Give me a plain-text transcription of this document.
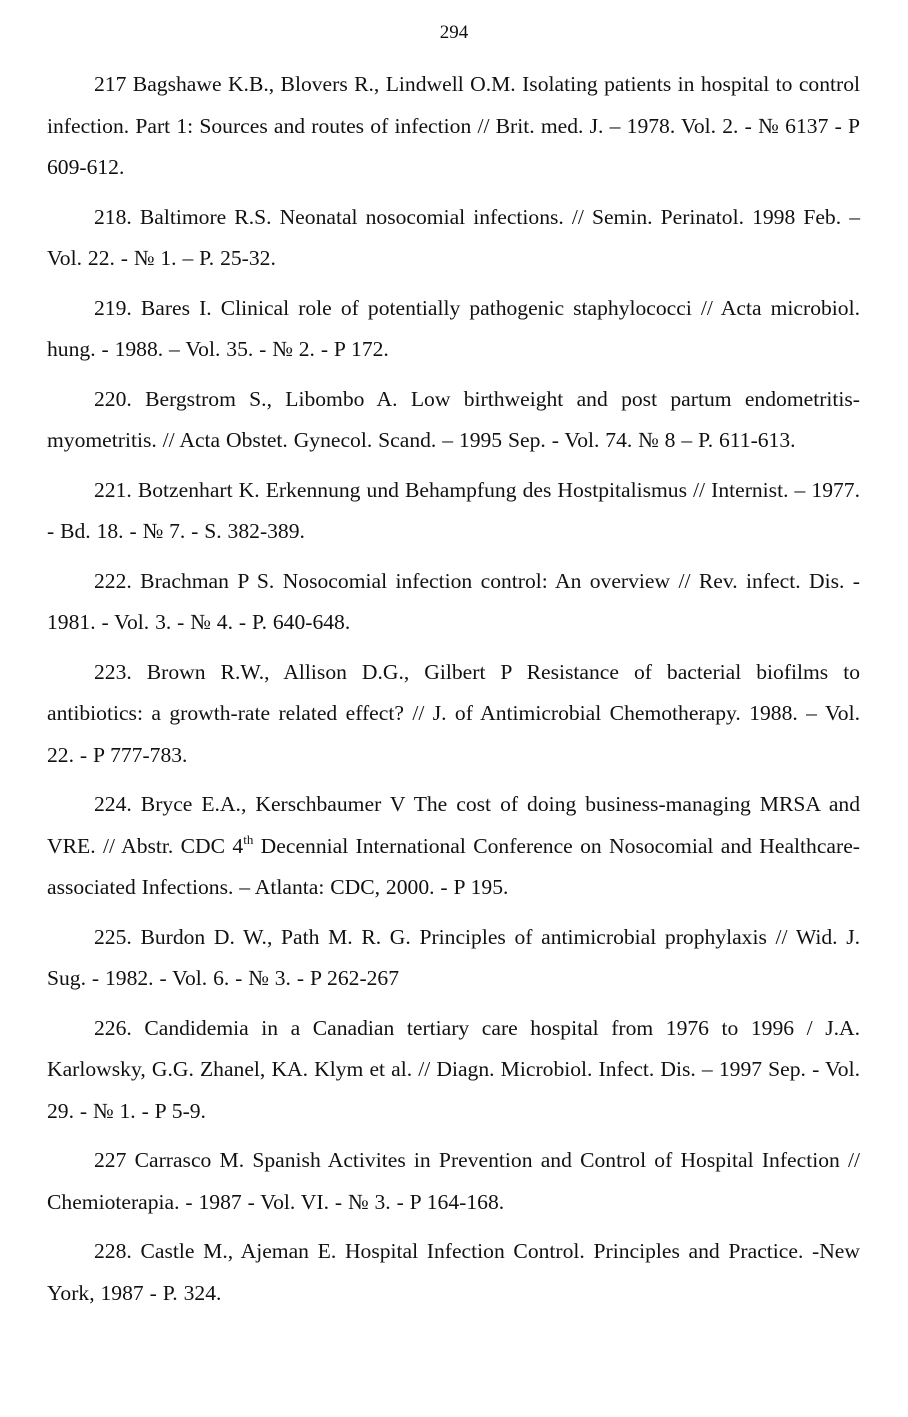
294

217 Bagshawe K.B., Blovers R., Lindwell O.M. Isolating patients in hospital to control infection. Part 1: Sources and routes of infection // Brit. med. J. – 1978. Vol. 2. - № 6137 - P 609-612.

218. Baltimore R.S. Neonatal nosocomial infections. // Semin. Perinatol. 1998 Feb. – Vol. 22. - № 1. – P. 25-32.

219. Bares I. Clinical role of potentially pathogenic staphylococci // Acta microbiol. hung. - 1988. – Vol. 35. - № 2. - P 172.

220. Bergstrom S., Libombo A. Low birthweight and post partum endometritis-myometritis. // Acta Obstet. Gynecol. Scand. – 1995 Sep. - Vol. 74. № 8 – P. 611-613.

221. Botzenhart K. Erkennung und Behampfung des Hostpitalismus // Internist. – 1977. - Bd. 18. - № 7. - S. 382-389.

222. Brachman P S. Nosocomial infection control: An overview // Rev. infect. Dis. - 1981. - Vol. 3. - № 4. - P. 640-648.

223. Brown R.W., Allison D.G., Gilbert P Resistance of bacterial biofilms to antibiotics: a growth-rate related effect? // J. of Antimicrobial Chemotherapy. 1988. – Vol. 22. - P 777-783.

224. Bryce E.A., Kerschbaumer V The cost of doing business-managing MRSA and VRE. // Abstr. CDC 4th Decennial International Conference on Nosocomial and Healthcare-associated Infections. – Atlanta: CDC, 2000. - P 195.

225. Burdon D. W., Path M. R. G. Principles of antimicrobial prophylaxis // Wid. J. Sug. - 1982. - Vol. 6. - № 3. - P 262-267

226. Candidemia in a Canadian tertiary care hospital from 1976 to 1996 / J.A. Karlowsky, G.G. Zhanel, KA. Klym et al. // Diagn. Microbiol. Infect. Dis. – 1997 Sep. - Vol. 29. - № 1. - P 5-9.

227 Carrasco M. Spanish Activites in Prevention and Control of Hospital Infection // Chemioterapia. - 1987 - Vol. VI. - № 3. - P 164-168.

228. Castle M., Ajeman E. Hospital Infection Control. Principles and Practice. -New York, 1987 - P. 324.
